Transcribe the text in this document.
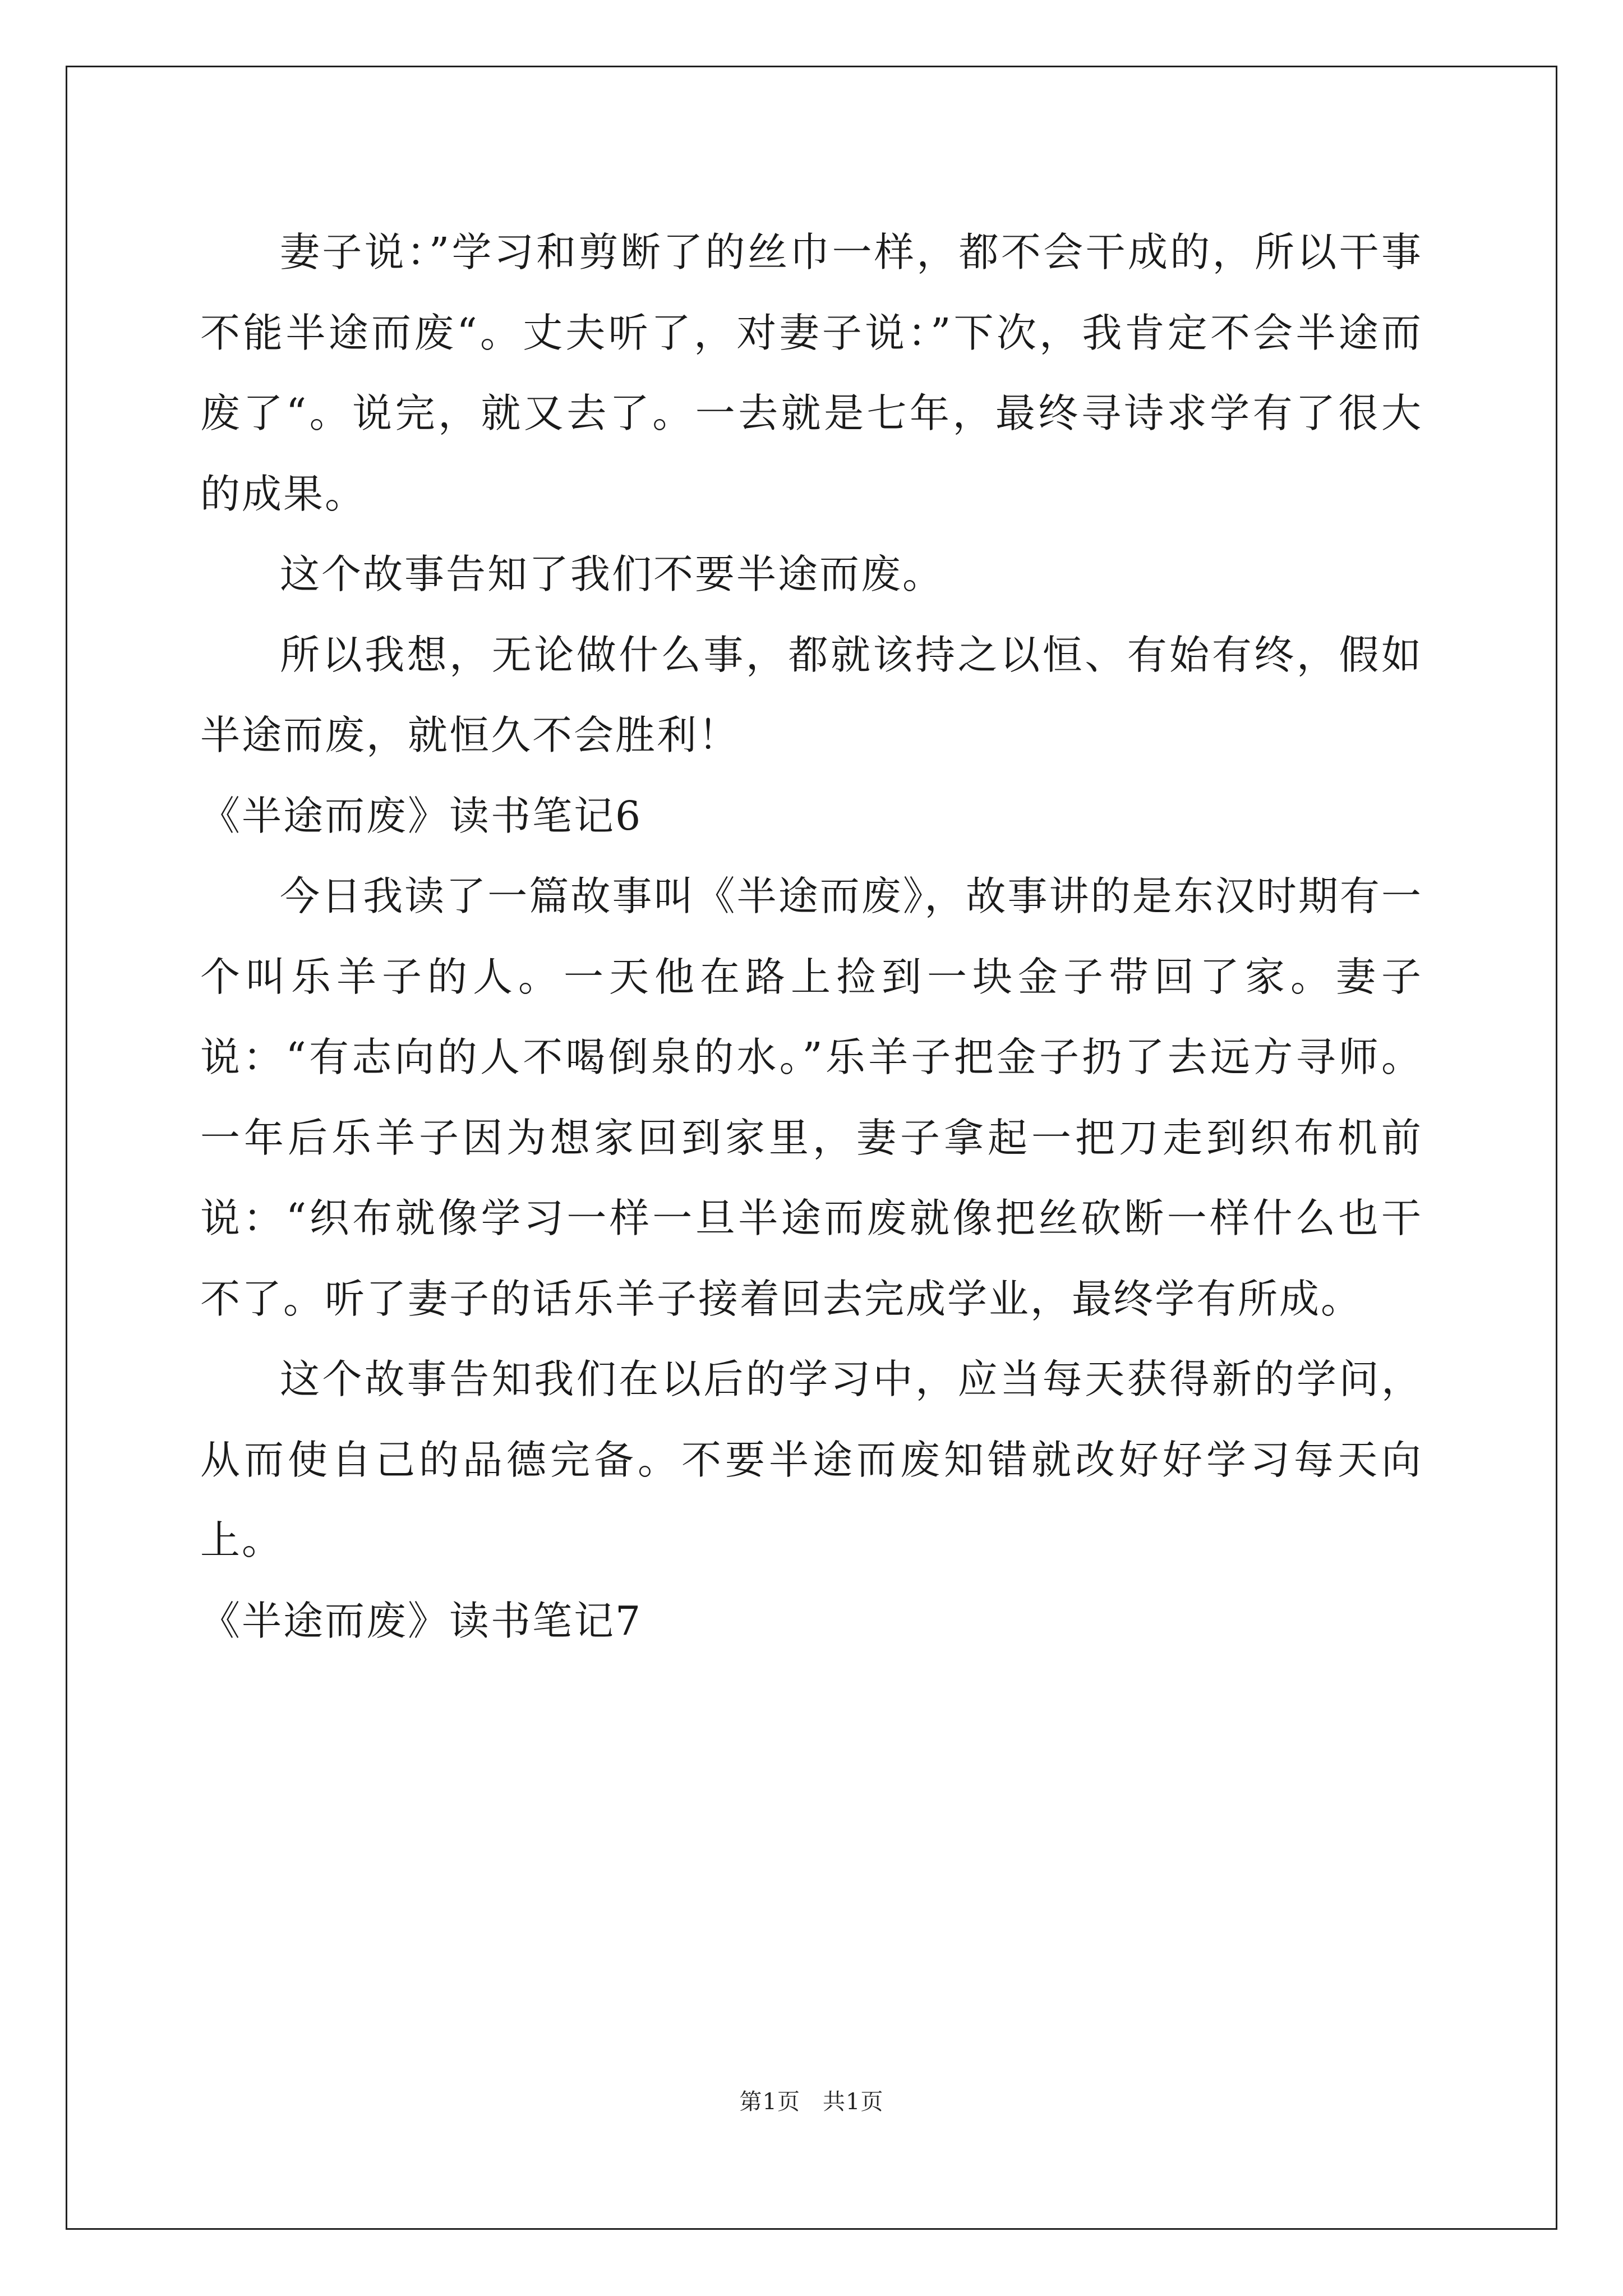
妻子说：”学习和剪断了的丝巾一样，都不会干成的，所以干事不能半途而废“。丈夫听了，对妻子说：”下次，我肯定不会半途而废了“。说完，就又去了。一去就是七年，最终寻诗求学有了很大的成果。

这个故事告知了我们不要半途而废。

所以我想，无论做什么事，都就该持之以恒、有始有终，假如半途而废，就恒久不会胜利！

《半途而废》读书笔记6

今日我读了一篇故事叫《半途而废》，故事讲的是东汉时期有一个叫乐羊子的人。一天他在路上捡到一块金子带回了家。妻子说：“有志向的人不喝倒泉的水。”乐羊子把金子扔了去远方寻师。一年后乐羊子因为想家回到家里，妻子拿起一把刀走到织布机前说：“织布就像学习一样一旦半途而废就像把丝砍断一样什么也干不了。听了妻子的话乐羊子接着回去完成学业，最终学有所成。

这个故事告知我们在以后的学习中，应当每天获得新的学问，从而使自己的品德完备。不要半途而废知错就改好好学习每天向上。

《半途而废》读书笔记7

第1页 共1页
